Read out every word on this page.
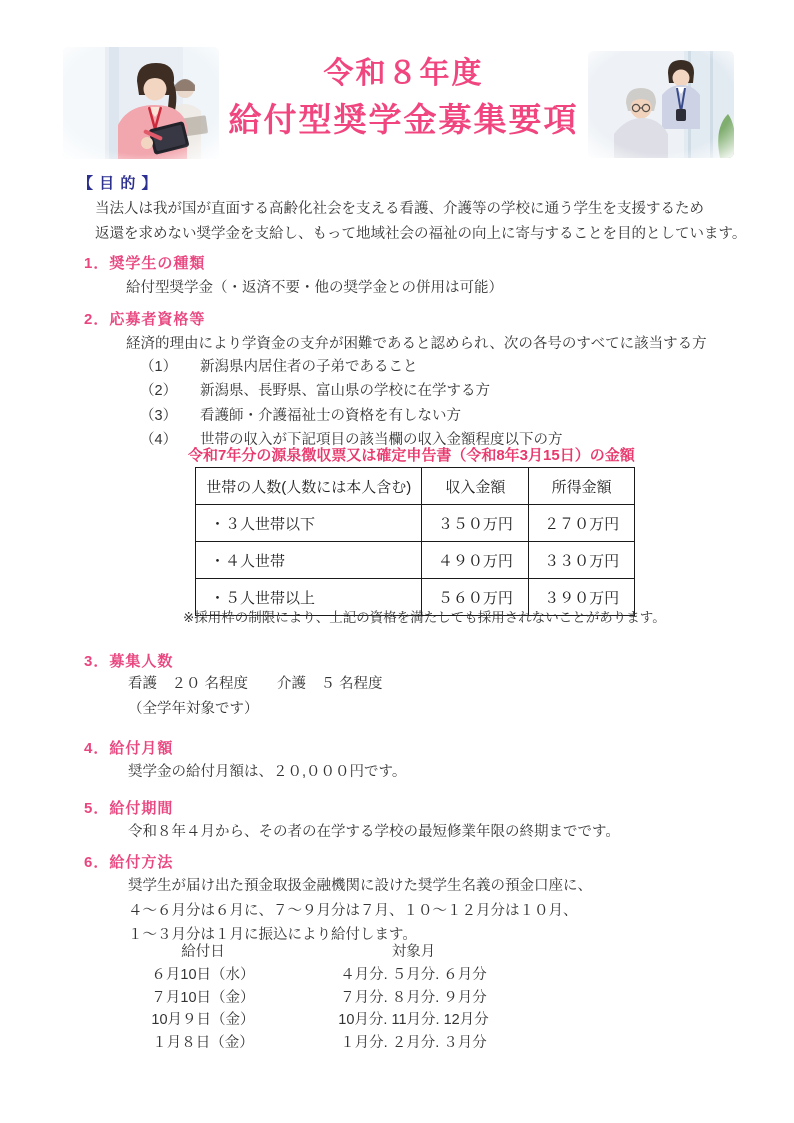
令和８年度
給付型奨学金募集要項
【 目 的 】
当法人は我が国が直面する高齢化社会を支える看護、介護等の学校に通う学生を支援するため
返還を求めない奨学金を支給し、もって地域社会の福祉の向上に寄与することを目的としています。
1．奨学生の種類
給付型奨学金（・返済不要・他の奨学金との併用は可能）
2．応募者資格等
経済的理由により学資金の支弁が困難であると認められ、次の各号のすべてに該当する方
（1）	新潟県内居住者の子弟であること
（2）	新潟県、長野県、富山県の学校に在学する方
（3）	看護師・介護福祉士の資格を有しない方
（4）	世帯の収入が下記項目の該当欄の収入金額程度以下の方
令和7年分の源泉徴収票又は確定申告書（令和8年3月15日）の金額
世帯の人数(人数には本人含む)	収入金額	所得金額
・３人世帯以下	３５０万円	２７０万円
・４人世帯	４９０万円	３３０万円
・５人世帯以上	５６０万円	３９０万円
※採用枠の制限により、上記の資格を満たしても採用されないことがあります。
3．募集人数
看護　２０ 名程度　　介護　５ 名程度
（全学年対象です）
4．給付月額
奨学金の給付月額は、２０,０００円です。
5．給付期間
令和８年４月から、その者の在学する学校の最短修業年限の終期までです。
6．給付方法
奨学生が届け出た預金取扱金融機関に設けた奨学生名義の預金口座に、
４～６月分は６月に、７～９月分は７月、１０～１２月分は１０月、
１～３月分は１月に振込により給付します。
給付日	対象月
６月10日（水）	４月分. ５月分. ６月分
７月10日（金）	７月分. ８月分. ９月分
10月９日（金）	10月分. 11月分. 12月分
１月８日（金）	１月分. ２月分. ３月分
